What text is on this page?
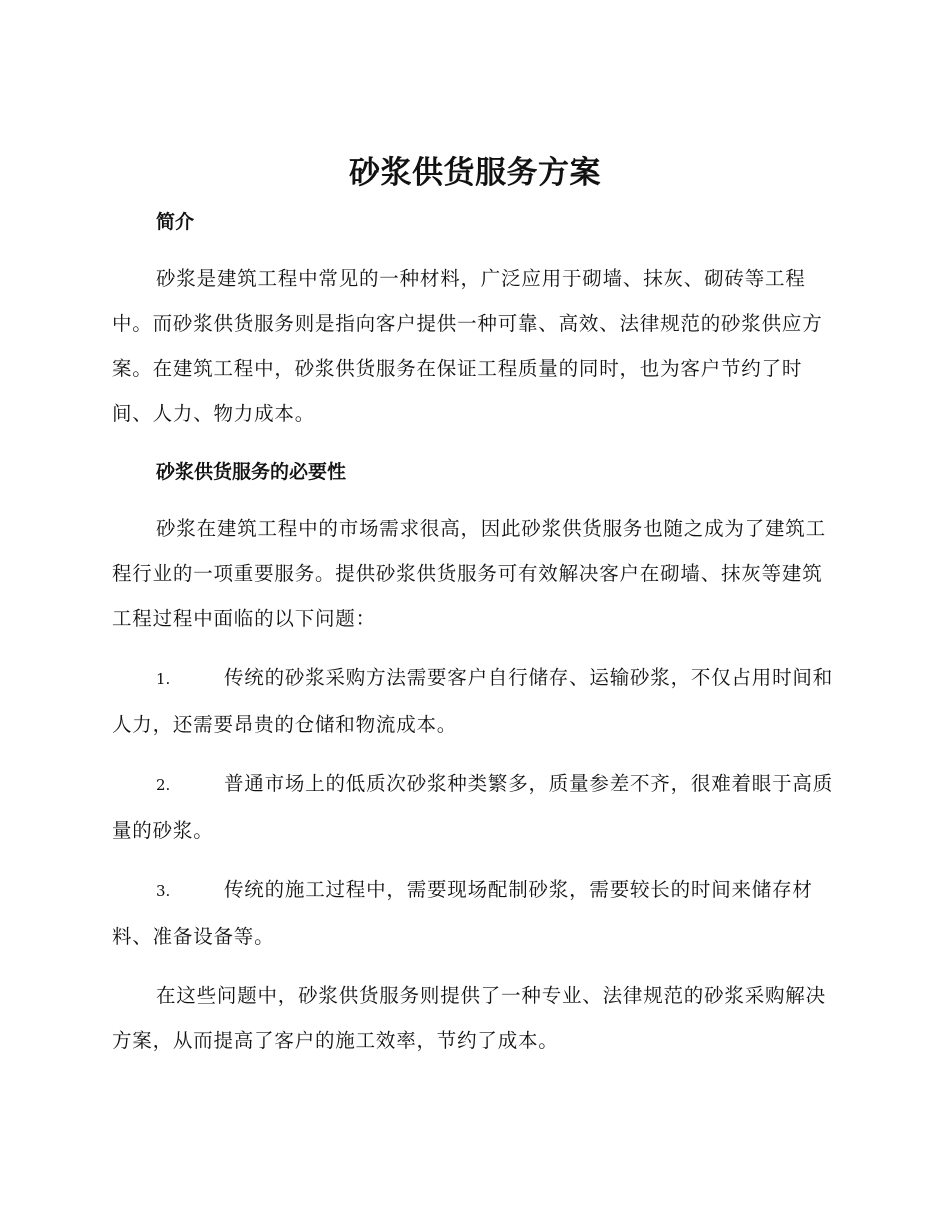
砂浆供货服务方案

简介

砂浆是建筑工程中常见的一种材料，广泛应用于砌墙、抹灰、砌砖等工程中。而砂浆供货服务则是指向客户提供一种可靠、高效、法律规范的砂浆供应方案。在建筑工程中，砂浆供货服务在保证工程质量的同时，也为客户节约了时间、人力、物力成本。

砂浆供货服务的必要性

砂浆在建筑工程中的市场需求很高，因此砂浆供货服务也随之成为了建筑工程行业的一项重要服务。提供砂浆供货服务可有效解决客户在砌墙、抹灰等建筑工程过程中面临的以下问题：

1.	传统的砂浆采购方法需要客户自行储存、运输砂浆，不仅占用时间和人力，还需要昂贵的仓储和物流成本。

2.	普通市场上的低质次砂浆种类繁多，质量参差不齐，很难着眼于高质量的砂浆。

3.	传统的施工过程中，需要现场配制砂浆，需要较长的时间来储存材料、准备设备等。

在这些问题中，砂浆供货服务则提供了一种专业、法律规范的砂浆采购解决方案，从而提高了客户的施工效率，节约了成本。
